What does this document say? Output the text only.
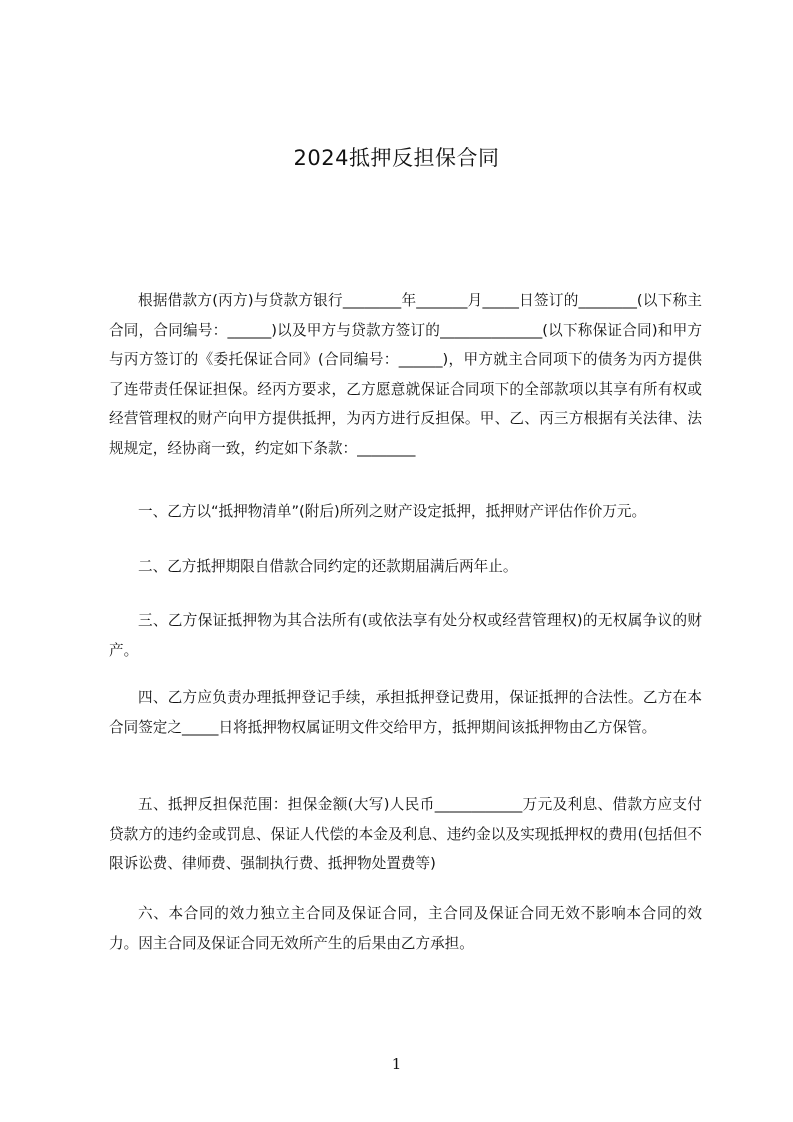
2024抵押反担保合同

根据借款方(丙方)与贷款方银行________年_______月_____日签订的________(以下称主合同，合同编号：______)以及甲方与贷款方签订的______________(以下称保证合同)和甲方与丙方签订的《委托保证合同》(合同编号：______)，甲方就主合同项下的债务为丙方提供了连带责任保证担保。经丙方要求，乙方愿意就保证合同项下的全部款项以其享有所有权或经营管理权的财产向甲方提供抵押，为丙方进行反担保。甲、乙、丙三方根据有关法律、法规规定，经协商一致，约定如下条款：________

一、乙方以“抵押物清单”(附后)所列之财产设定抵押，抵押财产评估作价万元。

二、乙方抵押期限自借款合同约定的还款期届满后两年止。

三、乙方保证抵押物为其合法所有(或依法享有处分权或经营管理权)的无权属争议的财产。

四、乙方应负责办理抵押登记手续，承担抵押登记费用，保证抵押的合法性。乙方在本合同签定之_____日将抵押物权属证明文件交给甲方，抵押期间该抵押物由乙方保管。

五、抵押反担保范围：担保金额(大写)人民币____________万元及利息、借款方应支付贷款方的违约金或罚息、保证人代偿的本金及利息、违约金以及实现抵押权的费用(包括但不限诉讼费、律师费、强制执行费、抵押物处置费等)

六、本合同的效力独立主合同及保证合同，主合同及保证合同无效不影响本合同的效力。因主合同及保证合同无效所产生的后果由乙方承担。

1
